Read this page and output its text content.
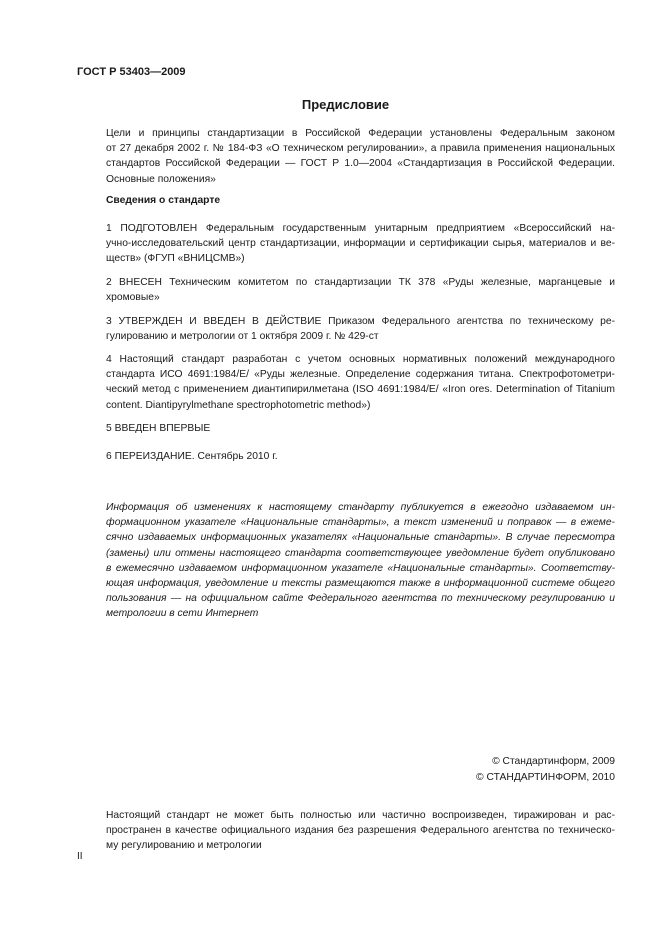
ГОСТ Р 53403—2009
Предисловие
Цели и принципы стандартизации в Российской Федерации установлены Федеральным законом
от 27 декабря 2002 г. № 184-ФЗ «О техническом регулировании», а правила применения национальных
стандартов Российской Федерации — ГОСТ Р 1.0—2004 «Стандартизация в Российской Федерации.
Основные положения»
Сведения о стандарте
1 ПОДГОТОВЛЕН Федеральным государственным унитарным предприятием «Всероссийский на-
учно-исследовательский центр стандартизации, информации и сертификации сырья, материалов и ве-
ществ» (ФГУП «ВНИЦСМВ»)
2 ВНЕСЕН Техническим комитетом по стандартизации ТК 378 «Руды железные, марганцевые и
хромовые»
3 УТВЕРЖДЕН И ВВЕДЕН В ДЕЙСТВИЕ Приказом Федерального агентства по техническому ре-
гулированию и метрологии от 1 октября 2009 г. № 429-ст
4 Настоящий стандарт разработан с учетом основных нормативных положений международного
стандарта ИСО 4691:1984/Е/ «Руды железные. Определение содержания титана. Спектрофотометри-
ческий метод с применением диантипирилметана (ISO 4691:1984/Е/ «Iron ores. Determination of Titanium
content. Diantipyrylmethane spectrophotometric method»)
5 ВВЕДЕН ВПЕРВЫЕ
6 ПЕРЕИЗДАНИЕ. Сентябрь 2010 г.
Информация об изменениях к настоящему стандарту публикуется в ежегодно издаваемом ин-
формационном указателе «Национальные стандарты», а текст изменений и поправок — в ежеме-
сячно издаваемых информационных указателях «Национальные стандарты». В случае пересмотра
(замены) или отмены настоящего стандарта соответствующее уведомление будет опубликовано
в ежемесячно издаваемом информационном указателе «Национальные стандарты». Соответству-
ющая информация, уведомление и тексты размещаются также в информационной системе общего
пользования — на официальном сайте Федерального агентства по техническому регулированию и
метрологии в сети Интернет
© Стандартинформ, 2009
© СТАНДАРТИНФОРМ, 2010
Настоящий стандарт не может быть полностью или частично воспроизведен, тиражирован и рас-
пространен в качестве официального издания без разрешения Федерального агентства по техническо-
му регулированию и метрологии
II
